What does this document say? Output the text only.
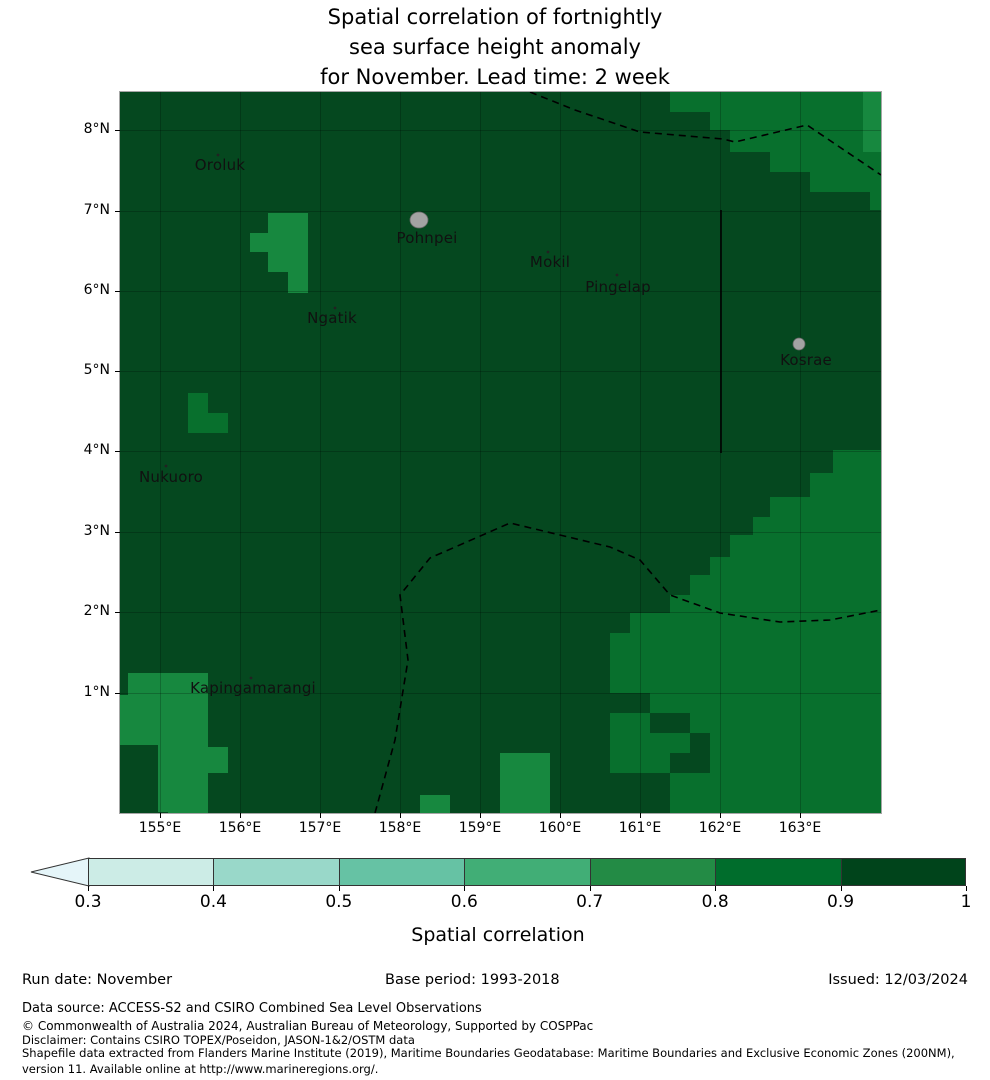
Spatial correlation of fortnightly
sea surface height anomaly
for November. Lead time: 2 week
Oroluk
Pohnpei
Mokil
Pingelap
Ngatik
Kosrae
Nukuoro
Kapingamarangi
8°N
7°N
6°N
5°N
4°N
3°N
2°N
1°N
155°E	156°E	157°E	158°E	159°E	160°E	161°E	162°E	163°E
0.3	0.4	0.5	0.6	0.7	0.8	0.9	1
Spatial correlation
Run date: November	Base period: 1993-2018	Issued: 12/03/2024
Data source: ACCESS-S2 and CSIRO Combined Sea Level Observations
© Commonwealth of Australia 2024, Australian Bureau of Meteorology, Supported by COSPPac
Disclaimer: Contains CSIRO TOPEX/Poseidon, JASON-1&2/OSTM data
Shapefile data extracted from Flanders Marine Institute (2019), Maritime Boundaries Geodatabase: Maritime Boundaries and Exclusive Economic Zones (200NM), version 11. Available online at http://www.marineregions.org/.
